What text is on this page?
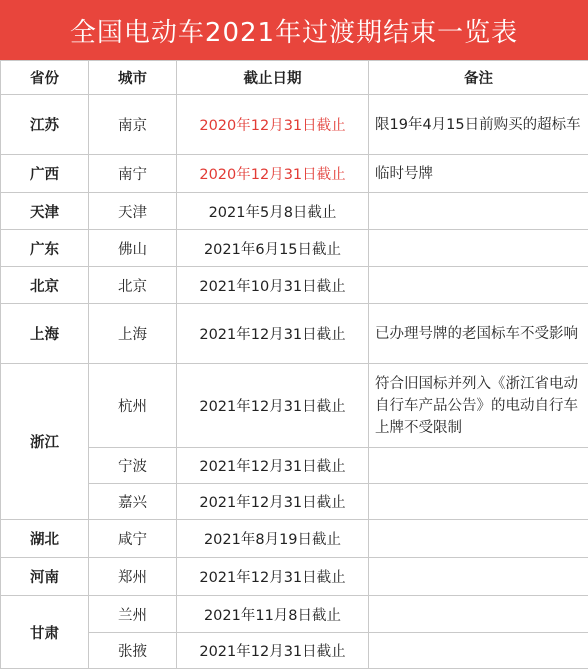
全国电动车2021年过渡期结束一览表
省份	城市	截止日期	备注
江苏	南京	2020年12月31日截止	限19年4月15日前购买的超标车
广西	南宁	2020年12月31日截止	临时号牌
天津	天津	2021年5月8日截止	
广东	佛山	2021年6月15日截止	
北京	北京	2021年10月31日截止	
上海	上海	2021年12月31日截止	已办理号牌的老国标车不受影响
浙江	杭州	2021年12月31日截止	符合旧国标并列入《浙江省电动自行车产品公告》的电动自行车上牌不受限制
	宁波	2021年12月31日截止	
	嘉兴	2021年12月31日截止	
湖北	咸宁	2021年8月19日截止	
河南	郑州	2021年12月31日截止	
甘肃	兰州	2021年11月8日截止	
	张掖	2021年12月31日截止	
